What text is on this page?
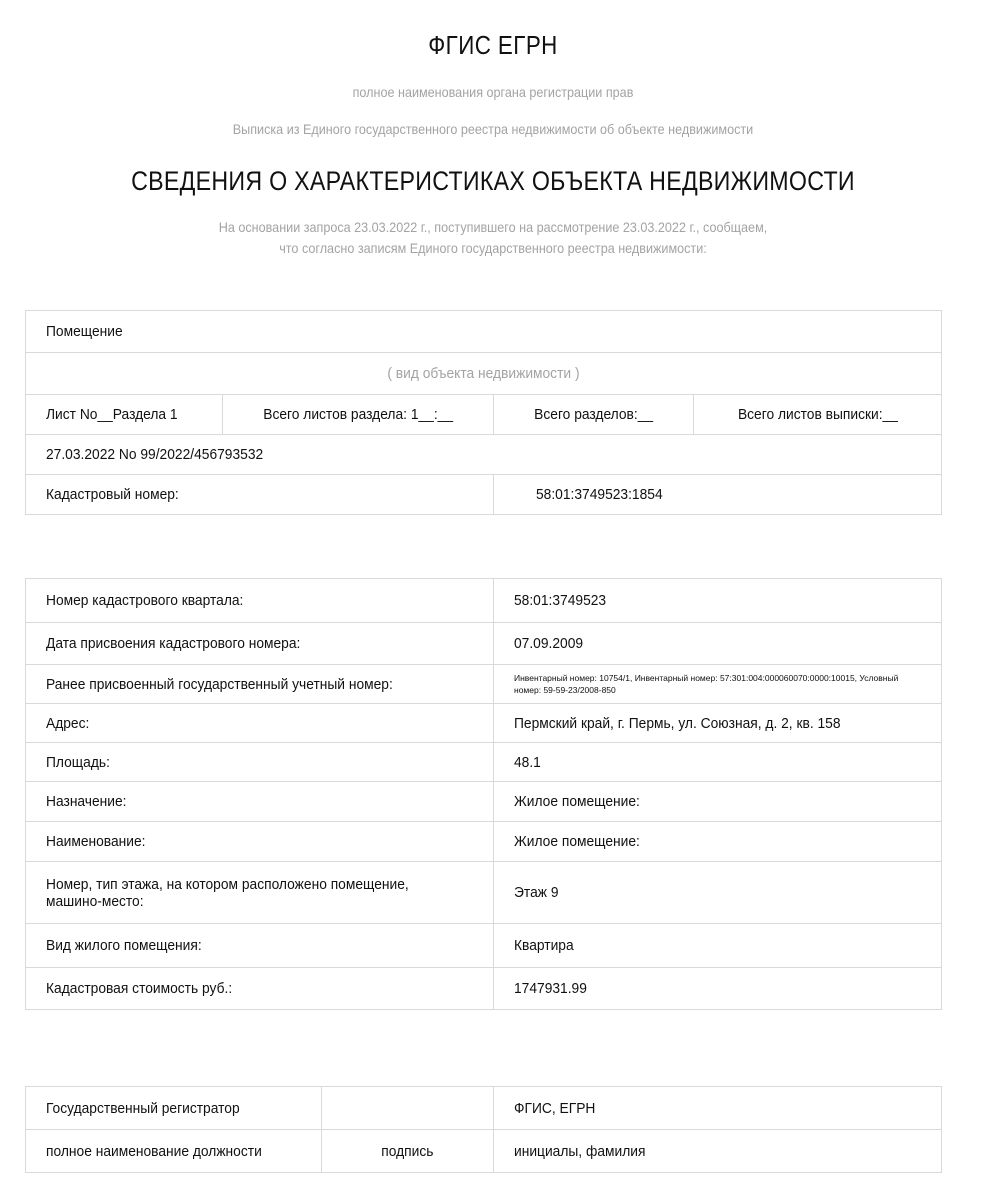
ФГИС ЕГРН
полное наименования органа регистрации прав
Выписка из Единого государственного реестра недвижимости об объекте недвижимости
СВЕДЕНИЯ О ХАРАКТЕРИСТИКАХ ОБЪЕКТА НЕДВИЖИМОСТИ
На основании запроса 23.03.2022 г., поступившего на рассмотрение 23.03.2022 г., сообщаем,
что согласно записям Единого государственного реестра недвижимости:
Помещение			
( вид объекта недвижимости )			
Лист No__Раздела 1	Всего листов раздела: 1__:__	Всего разделов:__	Всего листов выписки:__
27.03.2022 No 99/2022/456793532			
Кадастровый номер:		58:01:3749523:1854	
Номер кадастрового квартала:	58:01:3749523
Дата присвоения кадастрового номера:	07.09.2009
Ранее присвоенный государственный учетный номер:	Инвентарный номер: 10754/1, Инвентарный номер: 57:301:004:000060070:0000:10015, Условный номер: 59-59-23/2008-850
Адрес:	Пермский край, г. Пермь, ул. Союзная, д. 2, кв. 158
Площадь:	48.1
Назначение:	Жилое помещение:
Наименование:	Жилое помещение:
Номер, тип этажа, на котором расположено помещение, машино-место:	Этаж 9
Вид жилого помещения:	Квартира
Кадастровая стоимость руб.:	1747931.99
Государственный регистратор		ФГИС, ЕГРН
полное наименование должности	подпись	инициалы, фамилия
